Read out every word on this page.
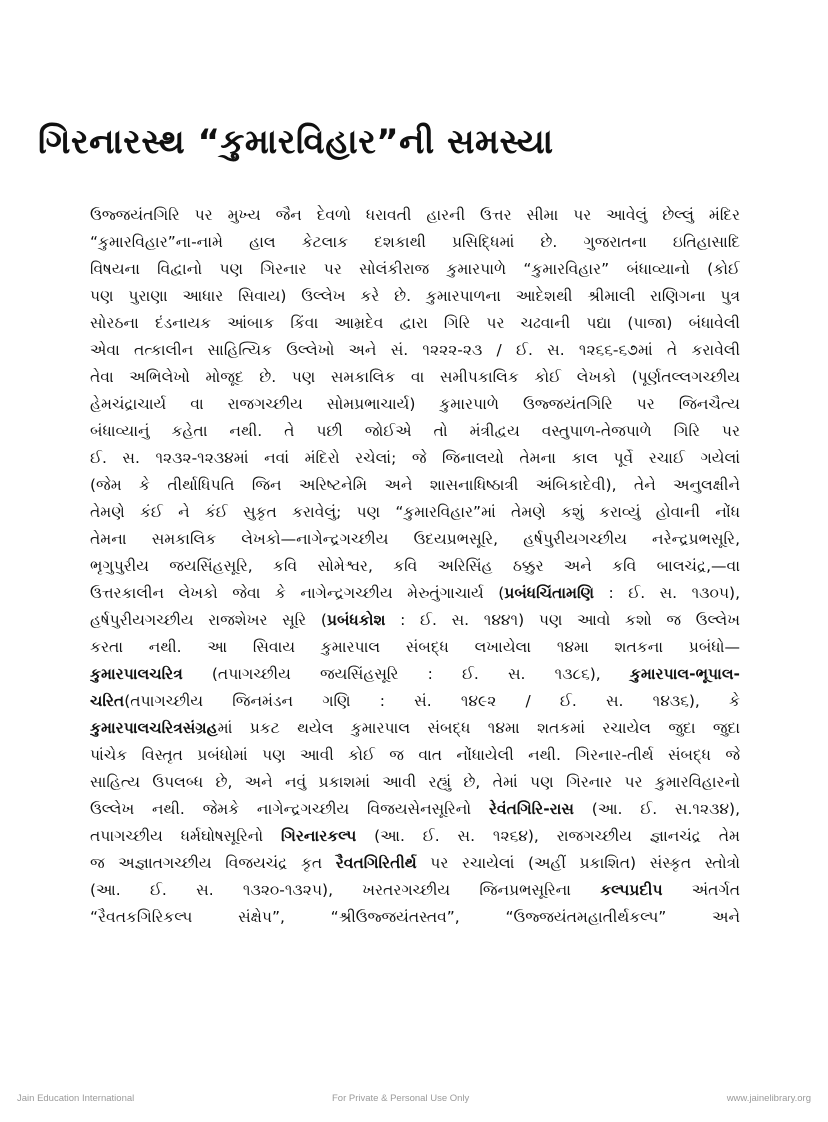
ગિરનારસ્થ “કુમારવિહાર”ની સમસ્યા
ઉજ્જયંતગિરિ પર મુખ્ય જૈન દેવળો ધરાવતી હારની ઉત્તર સીમા પર આવેલું છેલ્લું મંદિર
“કુમારવિહાર”ના-નામે હાલ કેટલાક દશકાથી પ્રસિદ્ધિમાં છે. ગુજરાતના ઇતિહાસાદિ
વિષયના વિદ્વાનો પણ ગિરનાર પર સોલંકીરાજ કુમારપાળે “કુમારવિહાર” બંધાવ્યાનો (કોઈ
પણ પુરાણા આધાર સિવાય) ઉલ્લેખ કરે છે. કુમારપાળના આદેશથી શ્રીમાલી રાણિગના પુત્ર
સોરઠના દંડનાયક આંબાક કિંવા આમ્રદેવ દ્વારા ગિરિ પર ચઢવાની પદ્યા (પાજા) બંધાવેલી
એવા તત્કાલીન સાહિત્યિક ઉલ્લેખો અને સં. ૧૨૨૨-૨૩ / ઈ. સ. ૧૨૬૬-૬૭માં તે કરાવેલી
તેવા અભિલેખો મોજૂદ છે. પણ સમકાલિક વા સમીપકાલિક કોઈ લેખકો (પૂર્ણતલ્લગચ્છીય
હેમચંદ્રાચાર્ય વા રાજગચ્છીય સોમપ્રભાચાર્ય) કુમારપાળે ઉજ્જયંતગિરિ પર જિનચૈત્ય
બંધાવ્યાનું કહેતા નથી. તે પછી જોઈએ તો મંત્રીદ્વય વસ્તુપાળ-તેજપાળે ગિરિ પર
ઈ. સ. ૧૨૩૨-૧૨૩૪માં નવાં મંદિરો રચેલાં; જે જિનાલયો તેમના કાલ પૂર્વે રચાઈ ગયેલાં
(જેમ કે તીર્થાધિપતિ જિન અરિષ્ટનેમિ અને શાસનાધિષ્ઠાત્રી અંબિકાદેવી), તેને અનુલક્ષીને
તેમણે કંઈ ને કંઈ સુકૃત કરાવેલું; પણ “કુમારવિહાર”માં તેમણે કશું કરાવ્યું હોવાની નોંધ
તેમના સમકાલિક લેખકો—નાગેન્દ્રગચ્છીય ઉદયપ્રભસૂરિ, હર્ષપુરીયગચ્છીય નરેન્દ્રપ્રભસૂરિ,
ભૃગુપુરીય જયસિંહસૂરિ, કવિ સોમેશ્વર, કવિ અરિસિંહ ઠક્કુર અને કવિ બાલચંદ્ર,—વા
ઉત્તરકાલીન લેખકો જેવા કે નાગેન્દ્રગચ્છીય મેરુતુંગાચાર્ય (પ્રબંધચિંતામણિ : ઈ. સ. ૧૩૦૫),
હર્ષપુરીયગચ્છીય રાજશેખર સૂરિ (પ્રબંધકોશ : ઈ. સ. ૧૪૪૧) પણ આવો કશો જ ઉલ્લેખ
કરતા નથી. આ સિવાય કુમારપાલ સંબદ્ધ લખાયેલા ૧૪મા શતકના પ્રબંધો—
કુમારપાલચરિત્ર (તપાગચ્છીય જયસિંહસૂરિ : ઈ. સ. ૧૩૮૬), કુમારપાલ-ભૂપાલ-
ચરિત(તપાગચ્છીય જિનમંડન ગણિ : સં. ૧૪૯૨ / ઈ. સ. ૧૪૩૬), કે
કુમારપાલચરિત્રસંગ્રહમાં પ્રકટ થયેલ કુમારપાલ સંબદ્ધ ૧૪મા શતકમાં રચાયેલ જુદા જુદા
પાંચેક વિસ્તૃત પ્રબંધોમાં પણ આવી કોઈ જ વાત નોંધાયેલી નથી. ગિરનાર-તીર્થ સંબદ્ધ જે
સાહિત્ય ઉપલબ્ધ છે, અને નવું પ્રકાશમાં આવી રહ્યું છે, તેમાં પણ ગિરનાર પર કુમારવિહારનો
ઉલ્લેખ નથી. જેમકે નાગેન્દ્રગચ્છીય વિજયસેનસૂરિનો રેવંતગિરિ-રાસ (આ. ઈ. સ.૧૨૩૪),
તપાગચ્છીય ધર્મઘોષસૂરિનો ગિરનારકલ્પ (આ. ઈ. સ. ૧૨૬૪), રાજગચ્છીય જ્ઞાનચંદ્ર તેમ
જ અજ્ઞાતગચ્છીય વિજયચંદ્ર કૃત રૈવતગિરિતીર્થ પર રચાયેલાં (અહીં પ્રકાશિત) સંસ્કૃત સ્તોત્રો
(આ. ઈ. સ. ૧૩૨૦-૧૩૨૫), ખરતરગચ્છીય જિનપ્રભસૂરિના કલ્પપ્રદીપ અંતર્ગત
“રૈવતકગિરિકલ્પ સંક્ષેપ”, “શ્રીઉજ્જયંતસ્તવ”, “ઉજ્જયંતમહાતીર્થકલ્પ” અને
Jain Education International	For Private & Personal Use Only	www.jainelibrary.org
